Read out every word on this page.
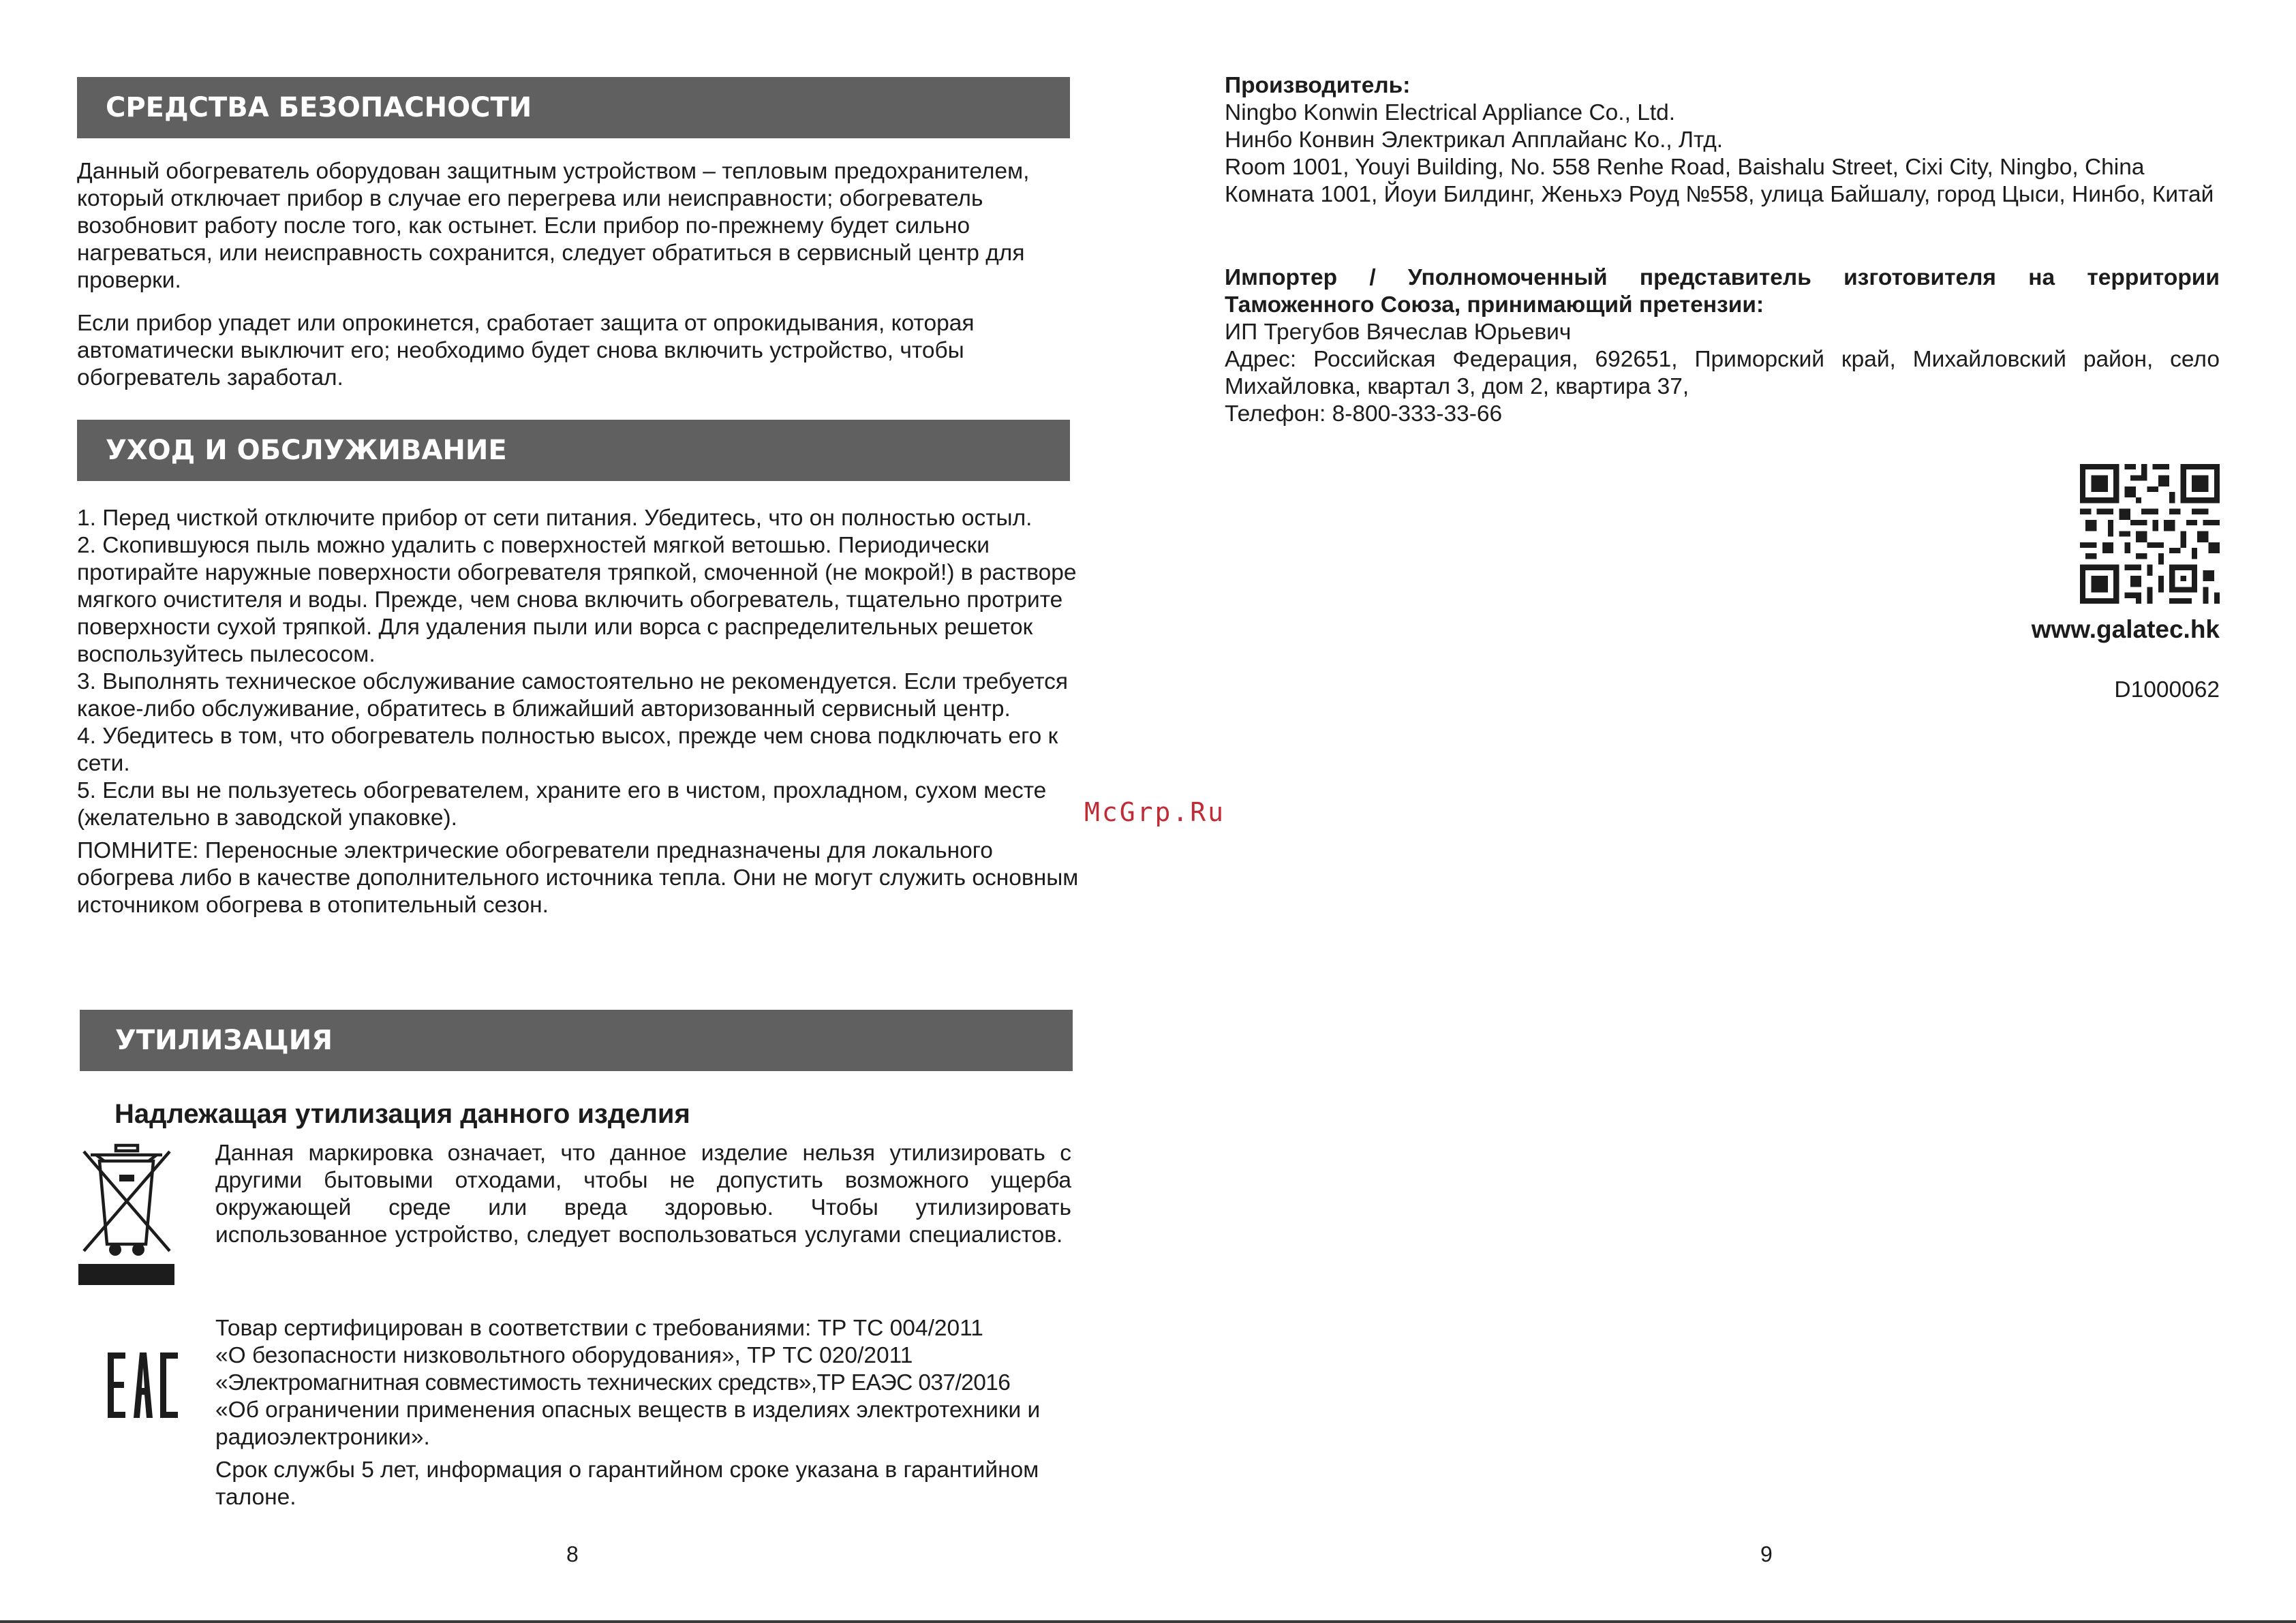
СРЕДСТВА БЕЗОПАСНОСТИ

Данный обогреватель оборудован защитным устройством – тепловым предохранителем, который отключает прибор в случае его перегрева или неисправности; обогреватель возобновит работу после того, как остынет. Если прибор по-прежнему будет сильно нагреваться, или неисправность сохранится, следует обратиться в сервисный центр для проверки.

Если прибор упадет или опрокинется, сработает защита от опрокидывания, которая автоматически выключит его; необходимо будет снова включить устройство, чтобы обогреватель заработал.

УХОД И ОБСЛУЖИВАНИЕ

1. Перед чисткой отключите прибор от сети питания. Убедитесь, что он полностью остыл.

2. Скопившуюся пыль можно удалить с поверхностей мягкой ветошью. Периодически протирайте наружные поверхности обогревателя тряпкой, смоченной (не мокрой!) в растворе мягкого очистителя и воды. Прежде, чем снова включить обогреватель, тщательно протрите поверхности сухой тряпкой. Для удаления пыли или ворса с распределительных решеток воспользуйтесь пылесосом.

3. Выполнять техническое обслуживание самостоятельно не рекомендуется. Если требуется какое-либо обслуживание, обратитесь в ближайший авторизованный сервисный центр.

4. Убедитесь в том, что обогреватель полностью высох, прежде чем снова подключать его к сети.

5. Если вы не пользуетесь обогревателем, храните его в чистом, прохладном, сухом месте (желательно в заводской упаковке).

ПОМНИТЕ: Переносные электрические обогреватели предназначены для локального обогрева либо в качестве дополнительного источника тепла. Они не могут служить основным источником обогрева в отопительный сезон.

УТИЛИЗАЦИЯ
Надлежащая утилизация данного изделия
Данная маркировка означает, что данное изделие нельзя утилизировать с другими бытовыми отходами, чтобы не допустить возможного ущерба окружающей среде или вреда здоровью. Чтобы утилизировать использованное устройство, следует воспользоваться услугами специалистов.

Товар сертифицирован в соответствии с требованиями: ТР ТС 004/2011

«О безопасности низковольтного оборудования», ТР ТС 020/2011

«Электромагнитная совместимость технических средств»,ТР ЕАЭС 037/2016

«Об ограничении применения опасных веществ в изделиях электротехники и радиоэлектроники».

Срок службы 5 лет, информация о гарантийном сроке указана в гарантийном талоне.

8
McGrp.Ru

Производитель:

Ningbo Konwin Electrical Appliance Co., Ltd.

Нинбо Конвин Электрикал Апплайанс Ко., Лтд.

Room 1001, Youyi Building, No. 558 Renhe Road, Baishalu Street, Cixi City, Ningbo, China

Комната 1001, Йоуи Билдинг, Женьхэ Роуд №558, улица Байшалу, город Цыси, Нинбо, Китай

Импортер / Уполномоченный представитель изготовителя на территории Таможенного Союза, принимающий претензии:

ИП Трегубов Вячеслав Юрьевич

Адрес: Российская Федерация, 692651, Приморский край, Михайловский район, село Михайловка, квартал 3, дом 2, квартира 37,

Телефон: 8-800-333-33-66

www.galatec.hk
D1000062
9
